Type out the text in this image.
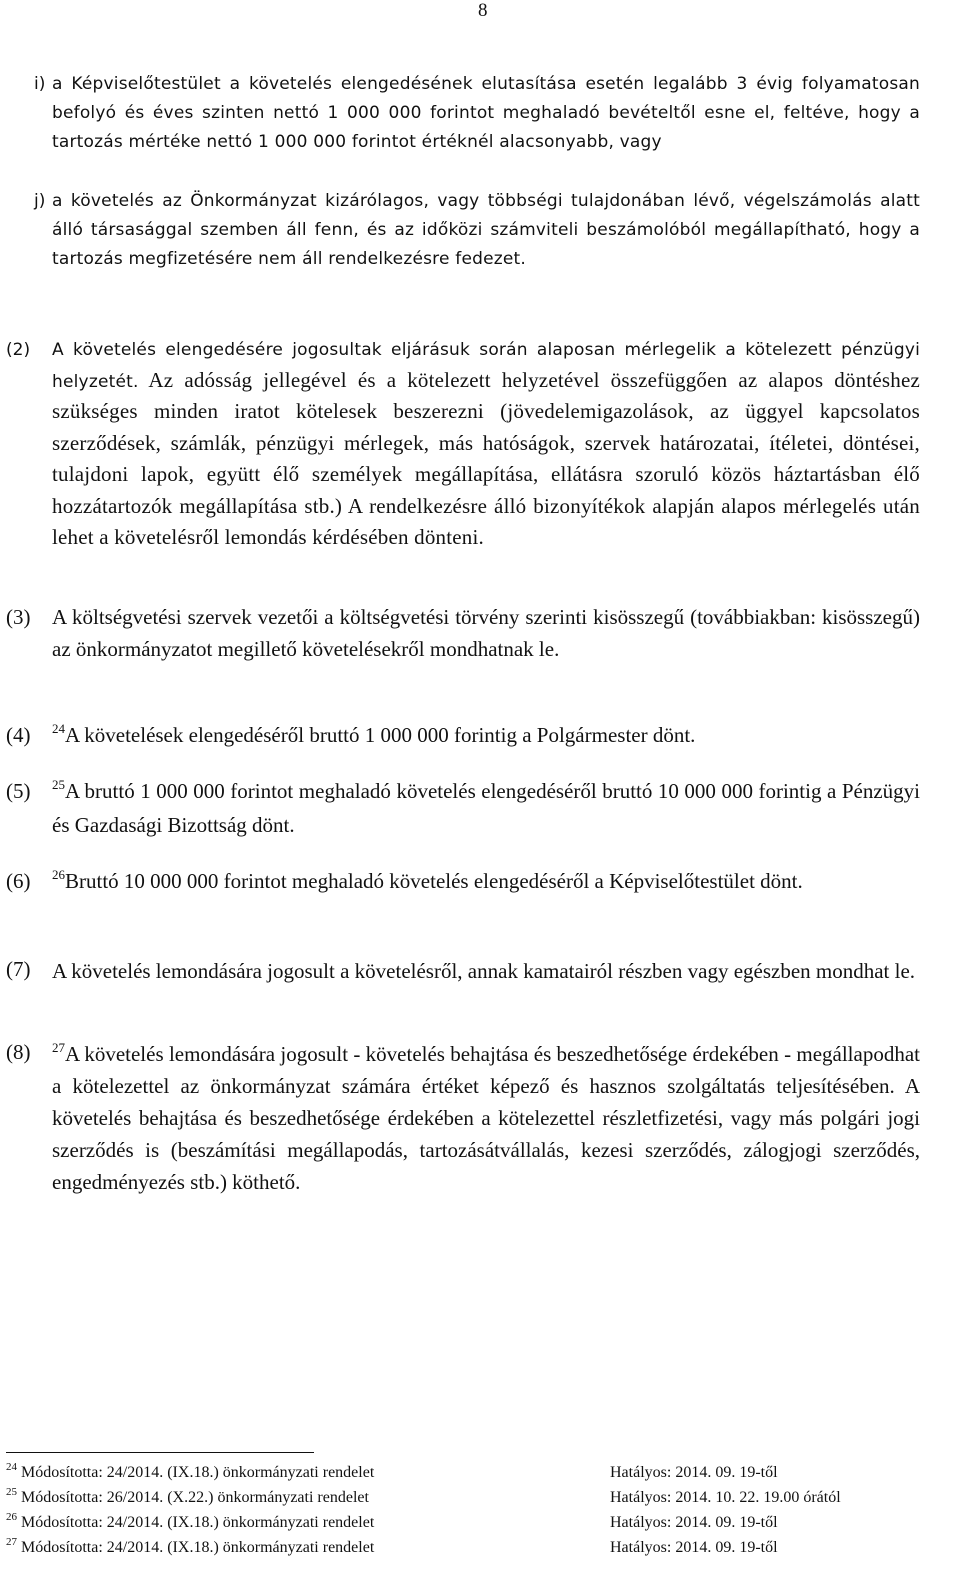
8
i) a Képviselőtestület a követelés elengedésének elutasítása esetén legalább 3 évig folyamatosan befolyó és éves szinten nettó 1 000 000 forintot meghaladó bevételtől esne el, feltéve, hogy a tartozás mértéke nettó 1 000 000 forintot értéknél alacsonyabb, vagy
j) a követelés az Önkormányzat kizárólagos, vagy többségi tulajdonában lévő, végelszámolás alatt álló társasággal szemben áll fenn, és az időközi számviteli beszámolóból megállapítható, hogy a tartozás megfizetésére nem áll rendelkezésre fedezet.
(2) A követelés elengedésére jogosultak eljárásuk során alaposan mérlegelik a kötelezett pénzügyi helyzetét. Az adósság jellegével és a kötelezett helyzetével összefüggően az alapos döntéshez szükséges minden iratot kötelesek beszerezni (jövedelemigazolások, az üggyel kapcsolatos szerződések, számlák, pénzügyi mérlegek, más hatóságok, szervek határozatai, ítéletei, döntései, tulajdoni lapok, együtt élő személyek megállapítása, ellátásra szoruló közös háztartásban élő hozzátartozók megállapítása stb.) A rendelkezésre álló bizonyítékok alapján alapos mérlegelés után lehet a követelésről lemondás kérdésében dönteni.
(3) A költségvetési szervek vezetői a költségvetési törvény szerinti kisösszegű (továbbiakban: kisösszegű) az önkormányzatot megillető követelésekről mondhatnak le.
(4) $^{24}$A követelések elengedéséről bruttó 1 000 000 forintig a Polgármester dönt.
(5) $^{25}$A bruttó 1 000 000 forintot meghaladó követelés elengedéséről bruttó 10 000 000 forintig a Pénzügyi és Gazdasági Bizottság dönt.
(6) $^{26}$Bruttó 10 000 000 forintot meghaladó követelés elengedéséről a Képviselőtestület dönt.
(7) A követelés lemondására jogosult a követelésről, annak kamatairól részben vagy egészben mondhat le.
(8) $^{27}$A követelés lemondására jogosult - követelés behajtása és beszedhetősége érdekében - megállapodhat a kötelezettel az önkormányzat számára értéket képező és hasznos szolgáltatás teljesítésében. A követelés behajtása és beszedhetősége érdekében a kötelezettel részletfizetési, vagy más polgári jogi szerződés is (beszámítási megállapodás, tartozásátvállalás, kezesi szerződés, zálogjogi szerződés, engedményezés stb.) köthető.
$^{24}$ Módosította: 24/2014. (IX.18.) önkormányzati rendelet	Hatályos: 2014. 09. 19-től
$^{25}$ Módosította: 26/2014. (X.22.) önkormányzati rendelet	Hatályos: 2014. 10. 22. 19.00 órától
$^{26}$ Módosította: 24/2014. (IX.18.) önkormányzati rendelet	Hatályos: 2014. 09. 19-től
$^{27}$ Módosította: 24/2014. (IX.18.) önkormányzati rendelet	Hatályos: 2014. 09. 19-től
